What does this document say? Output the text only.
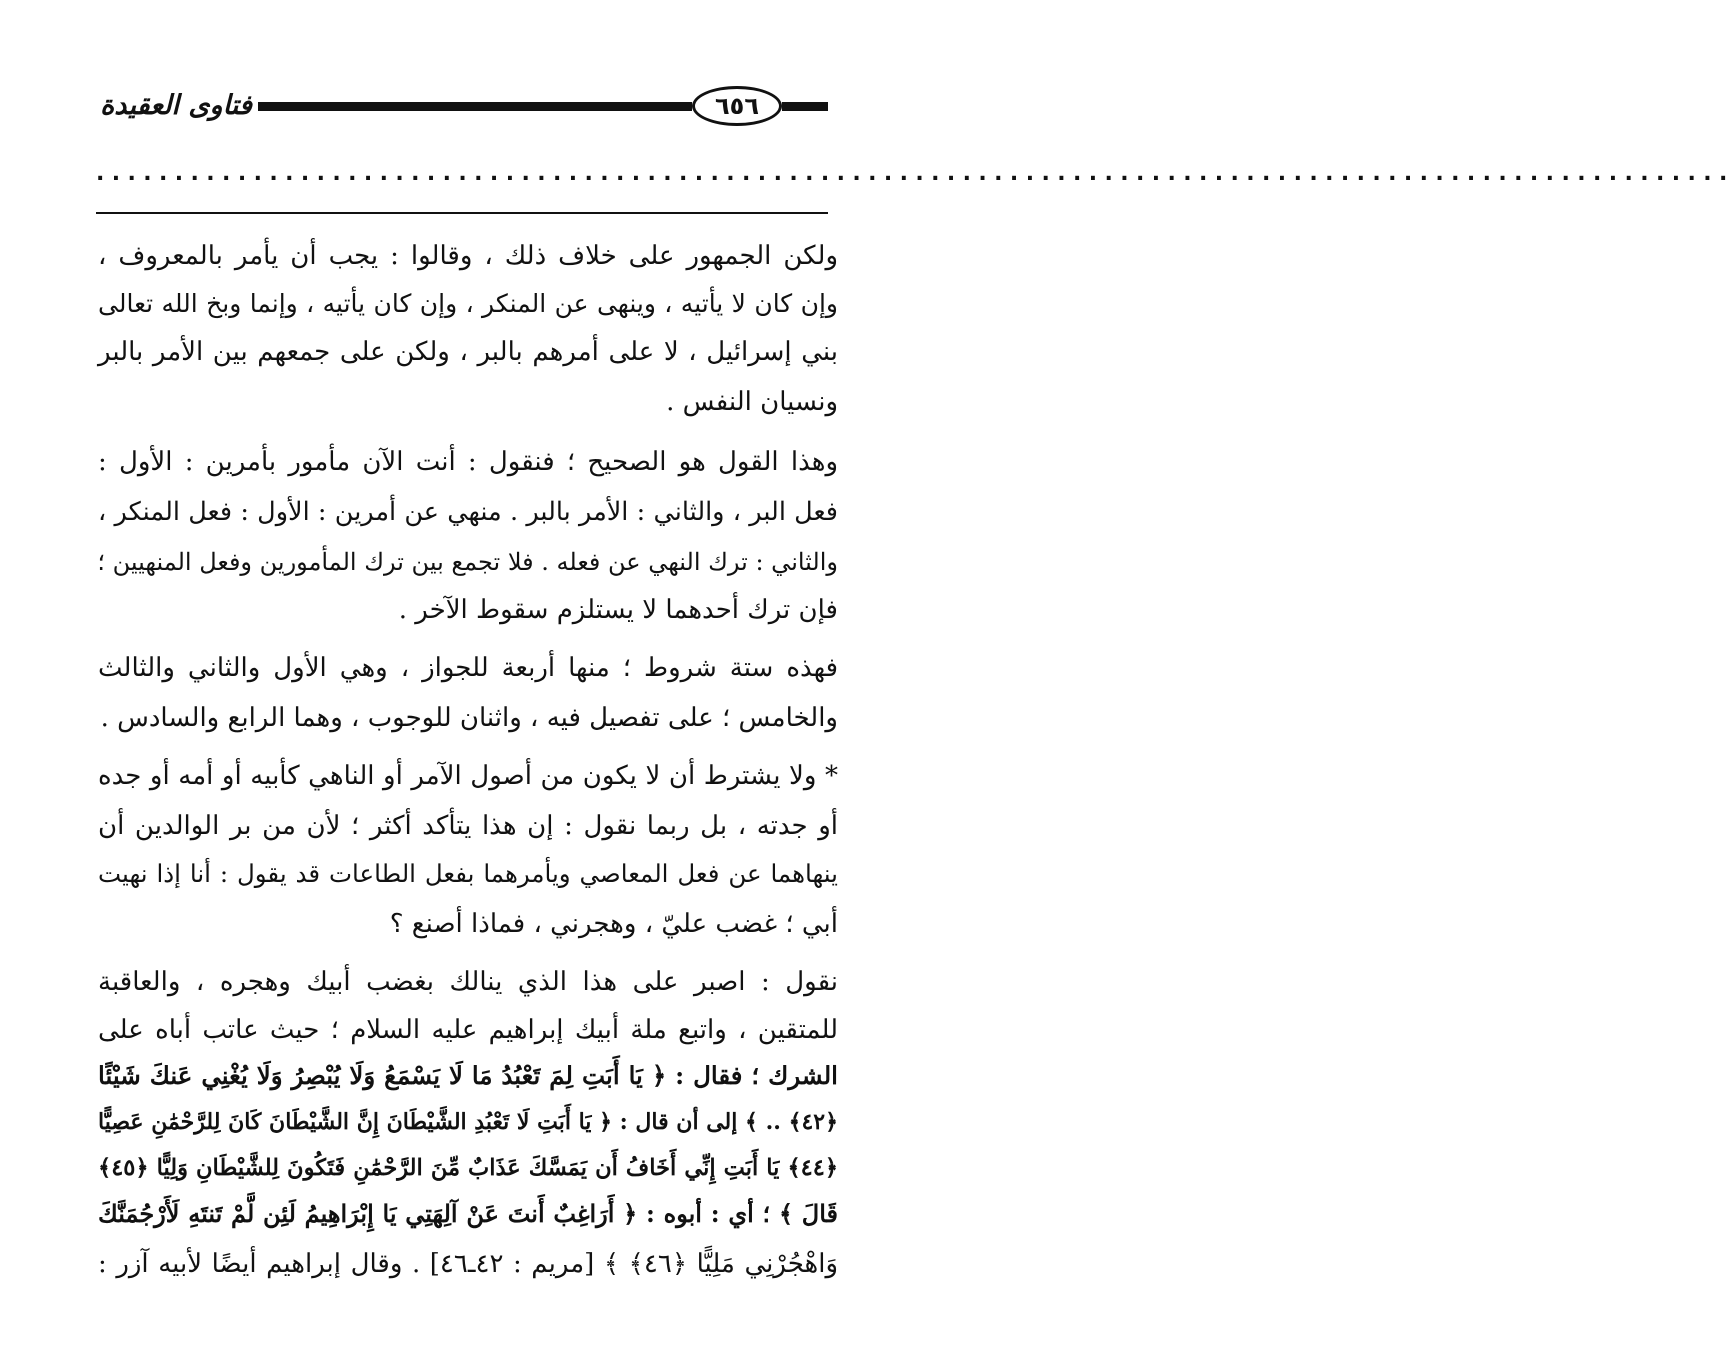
فتاوى العقيدة	٦٥٦
........................................................................................................
ولكن الجمهور على خلاف ذلك ، وقالوا : يجب أن يأمر بالمعروف ،
وإن كان لا يأتيه ، وينهى عن المنكر ، وإن كان يأتيه ، وإنما وبخ الله تعالى
بني إسرائيل ، لا على أمرهم بالبر ، ولكن على جمعهم بين الأمر بالبر
ونسيان النفس .
وهذا القول هو الصحيح ؛ فنقول : أنت الآن مأمور بأمرين : الأول :
فعل البر ، والثاني : الأمر بالبر . منهي عن أمرين : الأول : فعل المنكر ،
والثاني : ترك النهي عن فعله . فلا تجمع بين ترك المأمورين وفعل المنهيين ؛
فإن ترك أحدهما لا يستلزم سقوط الآخر .
فهذه ستة شروط ؛ منها أربعة للجواز ، وهي الأول والثاني والثالث
والخامس ؛ على تفصيل فيه ، واثنان للوجوب ، وهما الرابع والسادس .
* ولا يشترط أن لا يكون من أصول الآمر أو الناهي كأبيه أو أمه أو جده
أو جدته ، بل ربما نقول : إن هذا يتأكد أكثر ؛ لأن من بر الوالدين أن
ينهاهما عن فعل المعاصي ويأمرهما بفعل الطاعات قد يقول : أنا إذا نهيت
أبي ؛ غضب عليّ ، وهجرني ، فماذا أصنع ؟
نقول : اصبر على هذا الذي ينالك بغضب أبيك وهجره ، والعاقبة
للمتقين ، واتبع ملة أبيك إبراهيم عليه السلام ؛ حيث عاتب أباه على
الشرك ؛ فقال : ﴿ يَا أَبَتِ لِمَ تَعْبُدُ مَا لَا يَسْمَعُ وَلَا يُبْصِرُ وَلَا يُغْنِي عَنكَ شَيْئًا
﴿٤٢﴾ .. ﴾ إلى أن قال : ﴿ يَا أَبَتِ لَا تَعْبُدِ الشَّيْطَانَ إِنَّ الشَّيْطَانَ كَانَ لِلرَّحْمَٰنِ عَصِيًّا
﴿٤٤﴾ يَا أَبَتِ إِنِّي أَخَافُ أَن يَمَسَّكَ عَذَابٌ مِّنَ الرَّحْمَٰنِ فَتَكُونَ لِلشَّيْطَانِ وَلِيًّا ﴿٤٥﴾
قَالَ ﴾ ؛ أي : أبوه : ﴿ أَرَاغِبٌ أَنتَ عَنْ آلِهَتِي يَا إِبْرَاهِيمُ لَئِن لَّمْ تَنتَهِ لَأَرْجُمَنَّكَ
وَاهْجُرْنِي مَلِيًّا ﴿٤٦﴾ ﴾ [مريم : ٤٢ـ٤٦] . وقال إبراهيم أيضًا لأبيه آزر :
